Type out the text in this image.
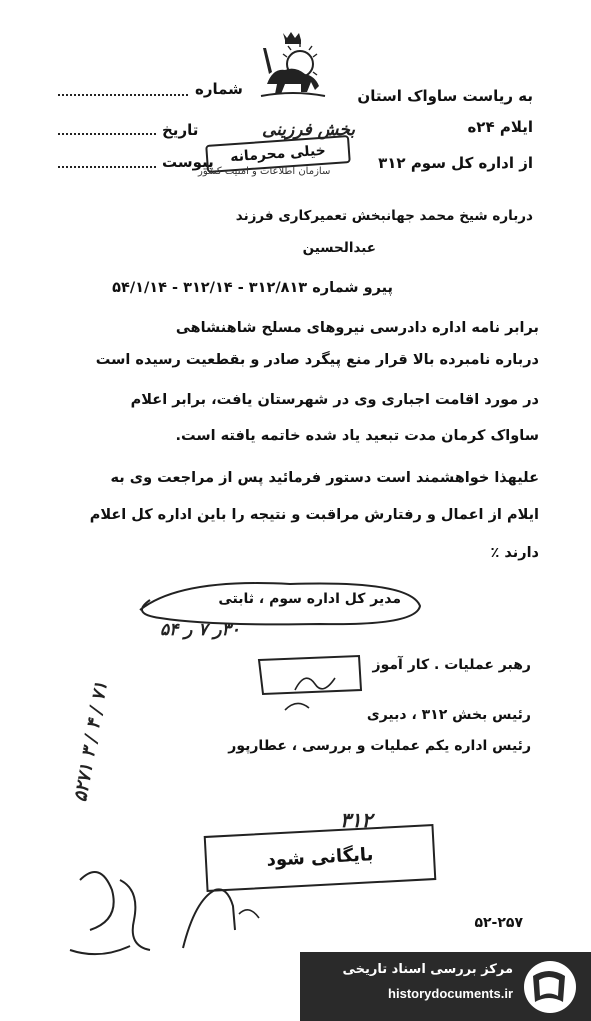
به ریاست ساواک استان
ایلام ۲۴ه
از اداره کل سوم ۳۱۲
شماره
تاریخ
پیوست
بخش فرزینی
خیلی محرمانه
سازمان اطلاعات و امنیت کشور
درباره شیخ محمد جهانبخش تعمیرکاری فرزند
عبدالحسین
پیرو شماره ۳۱۲/۸۱۳ - ۳۱۲/۱۴ - ۵۴/۱/۱۴
برابر نامه اداره دادرسی نیروهای مسلح شاهنشاهی
درباره نامبرده بالا قرار منع پیگرد صادر و بقطعیت رسیده است
در مورد اقامت اجباری وی در شهرستان یافت، برابر اعلام
ساواک کرمان مدت تبعید یاد شده خاتمه یافته است.
علیهذا خواهشمند است دستور فرمائید پس از مراجعت وی به
ایلام از اعمال و رفتارش مراقبت و نتیجه را باین اداره کل اعلام
دارند ٪
مدیر کل اداره سوم ، ثابتی
۳۰ر ۷ ر ۵۴
رهبر عملیات . کار آموز
رئیس بخش ۳۱۲ ، دبیری
رئیس اداره یکم عملیات و بررسی ، عطارپور
۵۲۷۱ ۳ / ۴ / ۷۱
۳۱۲
بایگانی شود
۵۲-۲۵۷
مرکز بررسی اسناد تاریخی
historydocuments.ir
